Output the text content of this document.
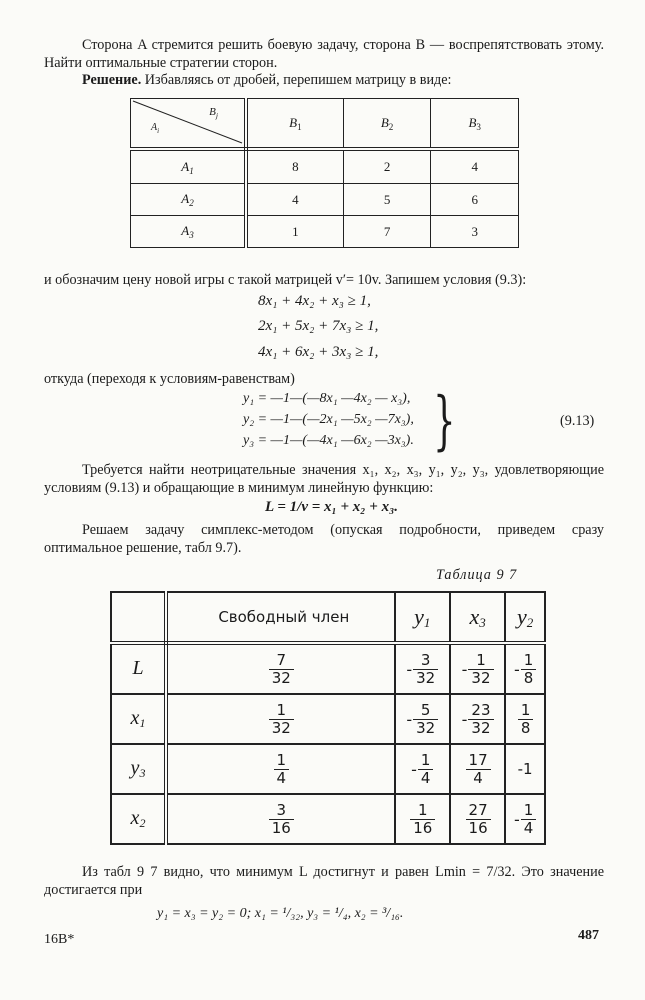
Сторона A стремится решить боевую задачу, сторона B — воспрепятствовать этому. Найти оптимальные стратегии сторон.
Решение. Избавляясь от дробей, перепишем матрицу в виде:
$B_j$
$A_i$	$B_1$	$B_2$	$B_3$
$A_1$	8	2	4
$A_2$	4	5	6
$A_3$	1	7	3
и обозначим цену новой игры с такой матрицей v′= 10v. Запишем условия (9.3):
8x₁ + 4x₂ + x₃ ≥ 1,
2x₁ + 5x₂ + 7x₃ ≥ 1,
4x₁ + 6x₂ + 3x₃ ≥ 1,
откуда (переходя к условиям-равенствам)
y₁ = —1—(—8x₁ —4x₂ — x₃),
y₂ = —1—(—2x₁ —5x₂ —7x₃),
y₃ = —1—(—4x₁ —6x₂ —3x₃). }	(9.13)
Требуется найти неотрицательные значения x₁, x₂, x₃, y₁, y₂, y₃, удовлетворяющие условиям (9.13) и обращающие в минимум линейную функцию:
L = 1/v = x₁ + x₂ + x₃.
Решаем задачу симплекс-методом (опуская подробности, приведем сразу оптимальное решение, табл 9.7).
Таблица 9 7
	Свободный член	$y_1$	$x_3$	$y_2$
L	$\frac{7}{32}$	- $\frac{3}{32}$	- $\frac{1}{32}$	- $\frac{1}{8}$

$x_1$	$\frac{1}{32}$	- $\frac{5}{32}$	- $\frac{23}{32}$	$\frac{1}{8}$

$y_3$	$\frac{1}{4}$	- $\frac{1}{4}$	$\frac{17}{4}$	-1
$x_2$	$\frac{3}{16}$	$\frac{1}{16}$	$\frac{27}{16}$	- $\frac{1}{4}$
Из табл 9 7 видно, что минимум L достигнут и равен Lmin = 7/32. Это значение достигается при
y₁ = x₃ = y₂ = 0; x₁ = ¹/₃₂, y₃ = ¹/₄, x₂ = ³/₁₆.
16B*	487
